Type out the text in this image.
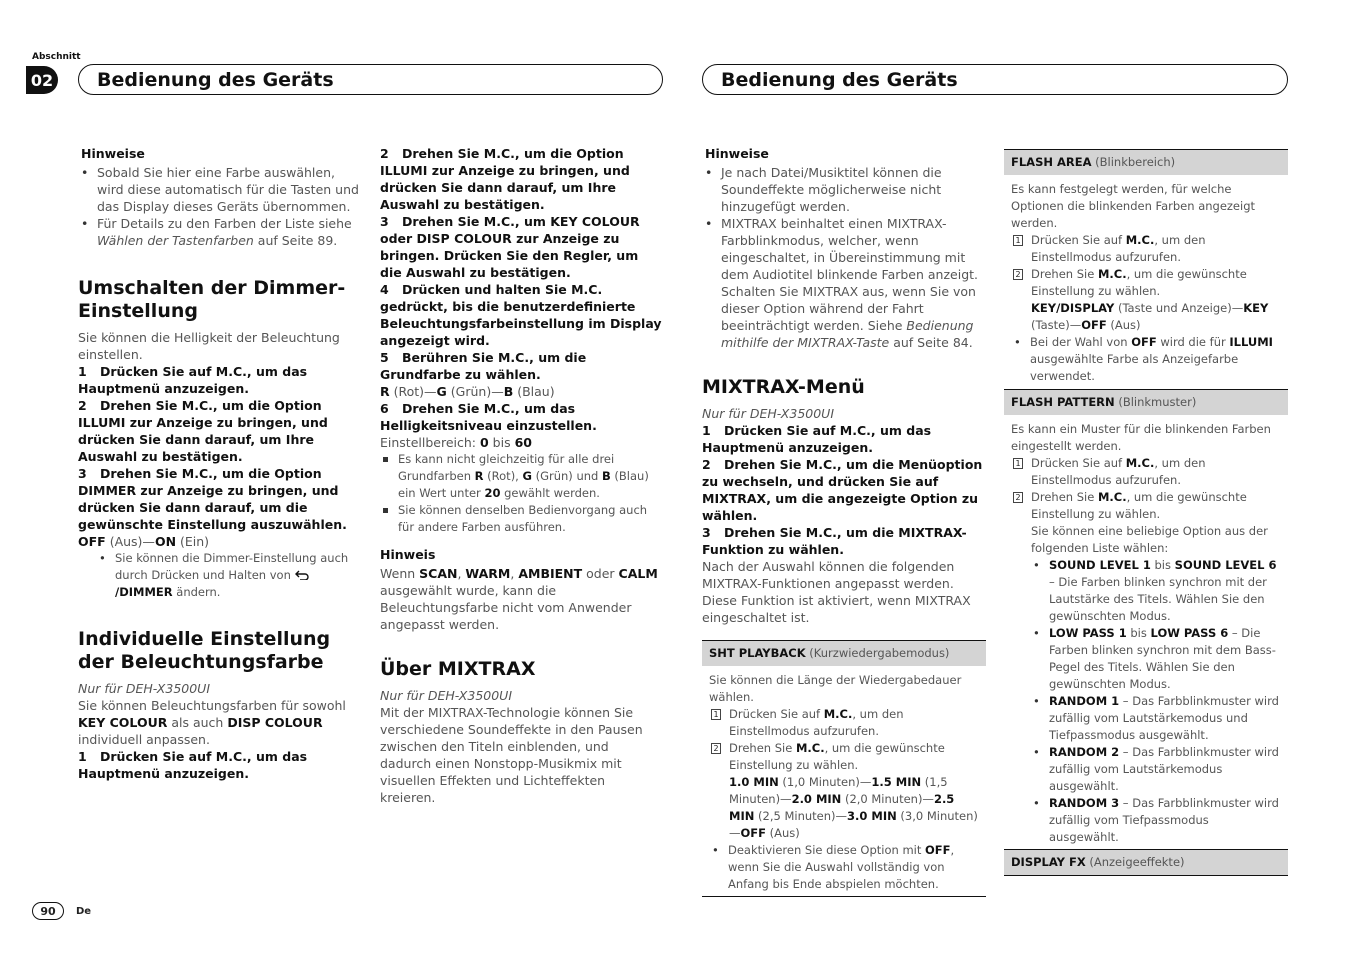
Abschnitt
02	Bedienung des Geräts	Bedienung des Geräts
Hinweise
• Sobald Sie hier eine Farbe auswählen, wird diese automatisch für die Tasten und das Display dieses Geräts übernommen.
• Für Details zu den Farben der Liste siehe Wählen der Tastenfarben auf Seite 89.
Umschalten der Dimmer-Einstellung

Sie können die Helligkeit der Beleuchtung einstellen.

1 Drücken Sie auf M.C., um das Hauptmenü anzuzeigen.

2 Drehen Sie M.C., um die Option ILLUMI zur Anzeige zu bringen, und drücken Sie dann darauf, um Ihre Auswahl zu bestätigen.

3 Drehen Sie M.C., um die Option DIMMER zur Anzeige zu bringen, und drücken Sie dann darauf, um die gewünschte Einstellung auszuwählen.

OFF (Aus)—ON (Ein)

• Sie können die Dimmer-Einstellung auch durch Drücken und Halten von /DIMMER ändern.
Individuelle Einstellung der Beleuchtungsfarbe

Nur für DEH-X3500UI

Sie können Beleuchtungsfarben für sowohl KEY COLOUR als auch DISP COLOUR individuell anpassen.

1 Drücken Sie auf M.C., um das Hauptmenü anzuzeigen.

2 Drehen Sie M.C., um die Option ILLUMI zur Anzeige zu bringen, und drücken Sie dann darauf, um Ihre Auswahl zu bestätigen.

3 Drehen Sie M.C., um KEY COLOUR oder DISP COLOUR zur Anzeige zu bringen. Drücken Sie den Regler, um die Auswahl zu bestätigen.

4 Drücken und halten Sie M.C. gedrückt, bis die benutzerdefinierte Beleuchtungsfarbeinstellung im Display angezeigt wird.

5 Berühren Sie M.C., um die Grundfarbe zu wählen.

R (Rot)—G (Grün)—B (Blau)

6 Drehen Sie M.C., um das Helligkeitsniveau einzustellen.

Einstellbereich: 0 bis 60

Es kann nicht gleichzeitig für alle drei Grundfarben R (Rot), G (Grün) und B (Blau) ein Wert unter 20 gewählt werden.
Sie können denselben Bedienvorgang auch für andere Farben ausführen.
Hinweis

Wenn SCAN, WARM, AMBIENT oder CALM ausgewählt wurde, kann die Beleuchtungsfarbe nicht vom Anwender angepasst werden.

Über MIXTRAX

Nur für DEH-X3500UI

Mit der MIXTRAX-Technologie können Sie verschiedene Soundeffekte in den Pausen zwischen den Titeln einblenden, und dadurch einen Nonstopp-Musikmix mit visuellen Effekten und Lichteffekten kreieren.

Hinweise
• Je nach Datei/Musiktitel können die Soundeffekte möglicherweise nicht hinzugefügt werden.
• MIXTRAX beinhaltet einen MIXTRAX-Farbblinkmodus, welcher, wenn eingeschaltet, in Übereinstimmung mit dem Audiotitel blinkende Farben anzeigt. Schalten Sie MIXTRAX aus, wenn Sie von dieser Option während der Fahrt beeinträchtigt werden. Siehe Bedienung mithilfe der MIXTRAX-Taste auf Seite 84.
MIXTRAX-Menü

Nur für DEH-X3500UI

1 Drücken Sie auf M.C., um das Hauptmenü anzuzeigen.

2 Drehen Sie M.C., um die Menüoption zu wechseln, und drücken Sie auf MIXTRAX, um die angezeigte Option zu wählen.

3 Drehen Sie M.C., um die MIXTRAX-Funktion zu wählen.

Nach der Auswahl können die folgenden MIXTRAX-Funktionen angepasst werden. Diese Funktion ist aktiviert, wenn MIXTRAX eingeschaltet ist.

SHT PLAYBACK (Kurzwiedergabemodus)

Sie können die Länge der Wiedergabedauer wählen.

1 Drücken Sie auf M.C., um den Einstellmodus aufzurufen.
2 Drehen Sie M.C., um die gewünschte Einstellung zu wählen.

1.0 MIN (1,0 Minuten)—1.5 MIN (1,5 Minuten)—2.0 MIN (2,0 Minuten)—2.5 MIN (2,5 Minuten)—3.0 MIN (3,0 Minuten)—OFF (Aus)

• Deaktivieren Sie diese Option mit OFF, wenn Sie die Auswahl vollständig von Anfang bis Ende abspielen möchten.
FLASH AREA (Blinkbereich)

Es kann festgelegt werden, für welche Optionen die blinkenden Farben angezeigt werden.

1 Drücken Sie auf M.C., um den Einstellmodus aufzurufen.
2 Drehen Sie M.C., um die gewünschte Einstellung zu wählen.

KEY/DISPLAY (Taste und Anzeige)—KEY (Taste)—OFF (Aus)

• Bei der Wahl von OFF wird die für ILLUMI ausgewählte Farbe als Anzeigefarbe verwendet.
FLASH PATTERN (Blinkmuster)

Es kann ein Muster für die blinkenden Farben eingestellt werden.

1 Drücken Sie auf M.C., um den Einstellmodus aufzurufen.
2 Drehen Sie M.C., um die gewünschte Einstellung zu wählen.

Sie können eine beliebige Option aus der folgenden Liste wählen:

• SOUND LEVEL 1 bis SOUND LEVEL 6 – Die Farben blinken synchron mit der Lautstärke des Titels. Wählen Sie den gewünschten Modus.
• LOW PASS 1 bis LOW PASS 6 – Die Farben blinken synchron mit dem Bass-Pegel des Titels. Wählen Sie den gewünschten Modus.
• RANDOM 1 – Das Farbblinkmuster wird zufällig vom Lautstärkemodus und Tiefpassmodus ausgewählt.
• RANDOM 2 – Das Farbblinkmuster wird zufällig vom Lautstärkemodus ausgewählt.
• RANDOM 3 – Das Farbblinkmuster wird zufällig vom Tiefpassmodus ausgewählt.
DISPLAY FX (Anzeigeeffekte)
90	De
